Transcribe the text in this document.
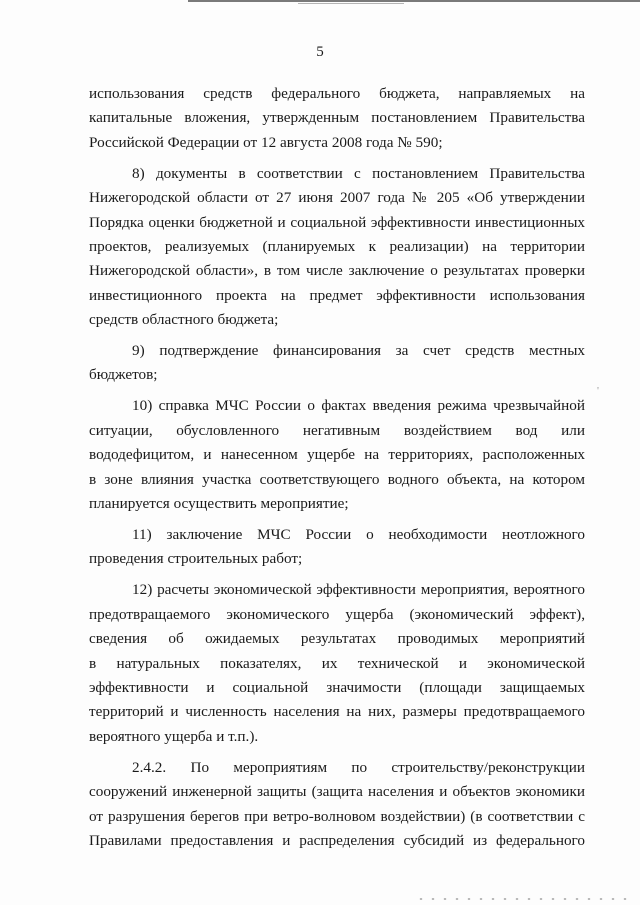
5
'
использования средств федерального бюджета, направляемых на
капитальные вложения, утвержденным постановлением Правительства
Российской Федерации от 12 августа 2008 года № 590;
8) документы в соответствии с постановлением Правительства
Нижегородской области от 27 июня 2007 года № 205 «Об утверждении
Порядка оценки бюджетной и социальной эффективности инвестиционных
проектов, реализуемых (планируемых к реализации) на территории
Нижегородской области», в том числе заключение о результатах проверки
инвестиционного проекта на предмет эффективности использования
средств областного бюджета;
9) подтверждение финансирования за счет средств местных
бюджетов;
10) справка МЧС России о фактах введения режима чрезвычайной
ситуации, обусловленного негативным воздействием вод или
вододефицитом, и нанесенном ущербе на территориях, расположенных
в зоне влияния участка соответствующего водного объекта, на котором
планируется осуществить мероприятие;
11) заключение МЧС России о необходимости неотложного
проведения строительных работ;
12) расчеты экономической эффективности мероприятия, вероятного
предотвращаемого экономического ущерба (экономический эффект),
сведения об ожидаемых результатах проводимых мероприятий
в натуральных показателях, их технической и экономической
эффективности и социальной значимости (площади защищаемых
территорий и численность населения на них, размеры предотвращаемого
вероятного ущерба и т.п.).
2.4.2. По мероприятиям по строительству/реконструкции
сооружений инженерной защиты (защита населения и объектов экономики
от разрушения берегов при ветро-волновом воздействии) (в соответствии с
Правилами предоставления и распределения субсидий из федерального
